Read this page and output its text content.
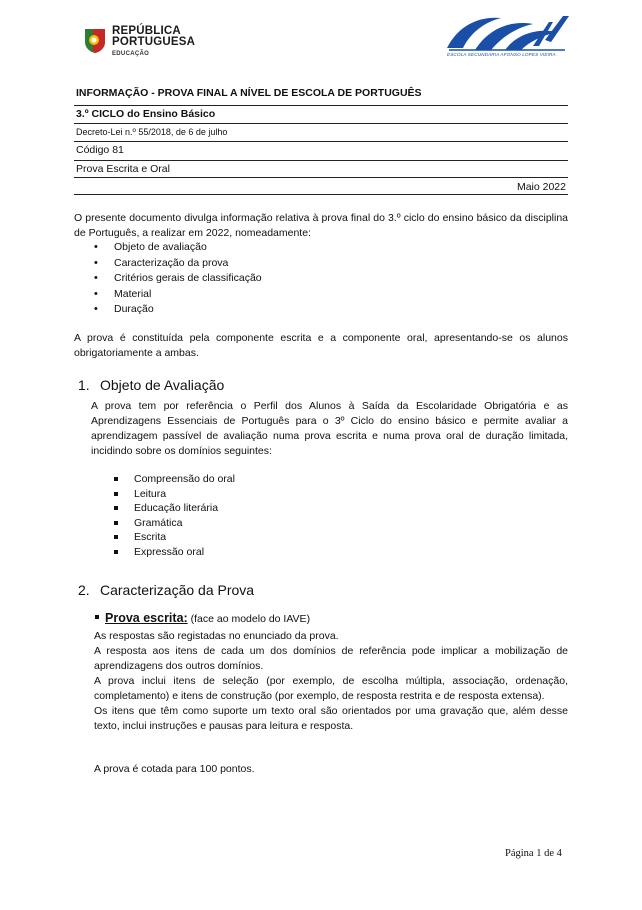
REPÚBLICA
PORTUGUESA
EDUCAÇÃO	ESCOLA SECUNDÁRIA AFONSO LOPES VIEIRA
INFORMAÇÃO - PROVA FINAL A NÍVEL DE ESCOLA DE PORTUGUÊS
3.º CICLO do Ensino Básico
Decreto-Lei n.º 55/2018, de 6 de julho
Código 81
Prova Escrita e Oral
Maio 2022
O presente documento divulga informação relativa à prova final do 3.º ciclo do ensino básico da disciplina de Português, a realizar em 2022, nomeadamente:
• Objeto de avaliação
• Caracterização da prova
• Critérios gerais de classificação
• Material
• Duração
A prova é constituída pela componente escrita e a componente oral, apresentando-se os alunos obrigatoriamente a ambas.
1. Objeto de Avaliação
A prova tem por referência o Perfil dos Alunos à Saída da Escolaridade Obrigatória e as Aprendizagens Essenciais de Português para o 3º Ciclo do ensino básico e permite avaliar a aprendizagem passível de avaliação numa prova escrita e numa prova oral de duração limitada, incidindo sobre os domínios seguintes:
Compreensão do oral
Leitura
Educação literária
Gramática
Escrita
Expressão oral
2. Caracterização da Prova
Prova escrita: (face ao modelo do IAVE)
As respostas são registadas no enunciado da prova.
A resposta aos itens de cada um dos domínios de referência pode implicar a mobilização de aprendizagens dos outros domínios.
A prova inclui itens de seleção (por exemplo, de escolha múltipla, associação, ordenação, completamento) e itens de construção (por exemplo, de resposta restrita e de resposta extensa).
Os itens que têm como suporte um texto oral são orientados por uma gravação que, além desse texto, inclui instruções e pausas para leitura e resposta.
A prova é cotada para 100 pontos.
Página 1 de 4
